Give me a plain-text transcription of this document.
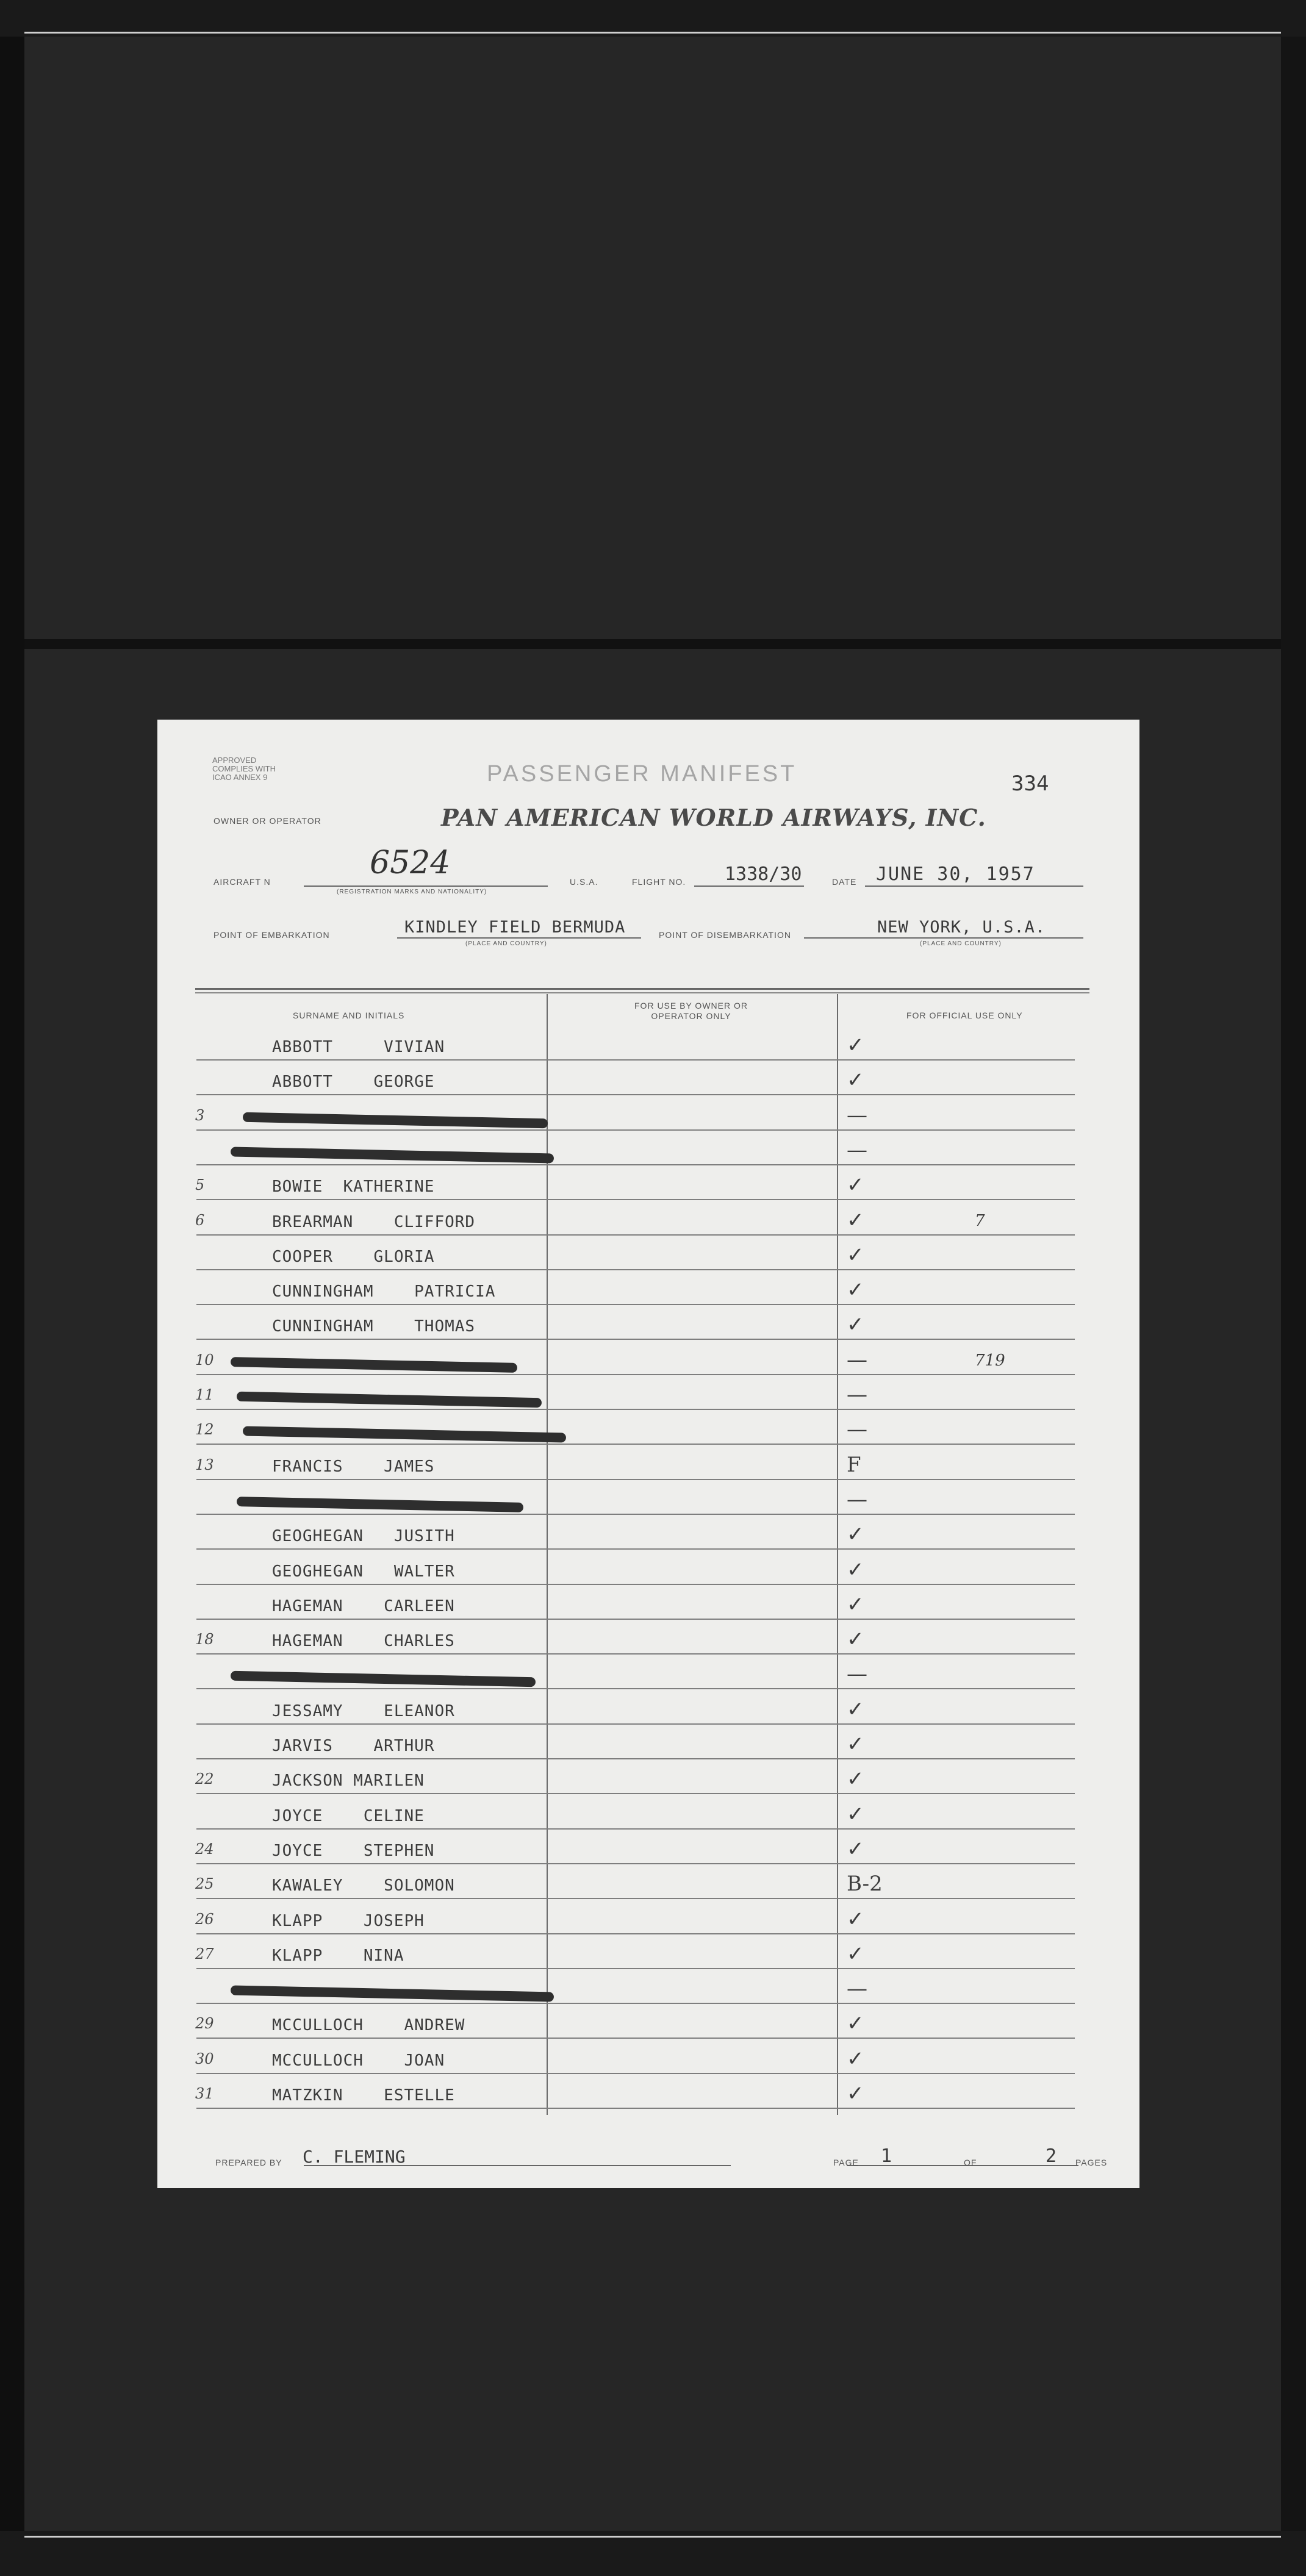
APPROVED
COMPLIES WITH
ICAO ANNEX 9	PASSENGER MANIFEST	334
OWNER OR OPERATOR	PAN AMERICAN WORLD AIRWAYS, INC.
AIRCRAFT N
6524
(REGISTRATION MARKS AND NATIONALITY)
U.S.A.	FLIGHT NO. 1338/30	DATE JUNE 30, 1957
POINT OF EMBARKATION	KINDLEY FIELD BERMUDA
(PLACE AND COUNTRY)
POINT OF DISEMBARKATION	NEW YORK, U.S.A.
(PLACE AND COUNTRY)
SURNAME AND INITIALS
FOR USE BY OWNER OR OPERATOR ONLY	FOR OFFICIAL USE ONLY
ABBOTT     VIVIAN	✓
ABBOTT    GEORGE	✓
3	—
—
5	BOWIE  KATHERINE	✓
6	BREARMAN    CLIFFORD	✓	7
COOPER    GLORIA	✓
CUNNINGHAM    PATRICIA	✓
CUNNINGHAM    THOMAS	✓
10	—	719
11	—
12	—
13	FRANCIS    JAMES	F
—
GEOGHEGAN   JUSITH	✓
GEOGHEGAN   WALTER	✓
HAGEMAN    CARLEEN	✓
18	HAGEMAN    CHARLES	✓
—
JESSAMY    ELEANOR	✓
JARVIS    ARTHUR	✓
22	JACKSON MARILEN	✓
JOYCE    CELINE	✓
24	JOYCE    STEPHEN	✓
25	KAWALEY    SOLOMON	B-2
26	KLAPP    JOSEPH	✓
27	KLAPP    NINA	✓
—
29	MCCULLOCH    ANDREW	✓
30	MCCULLOCH    JOAN	✓
31	MATZKIN    ESTELLE	✓
PREPARED BY C. FLEMING	PAGE 1	OF	2 PAGES
